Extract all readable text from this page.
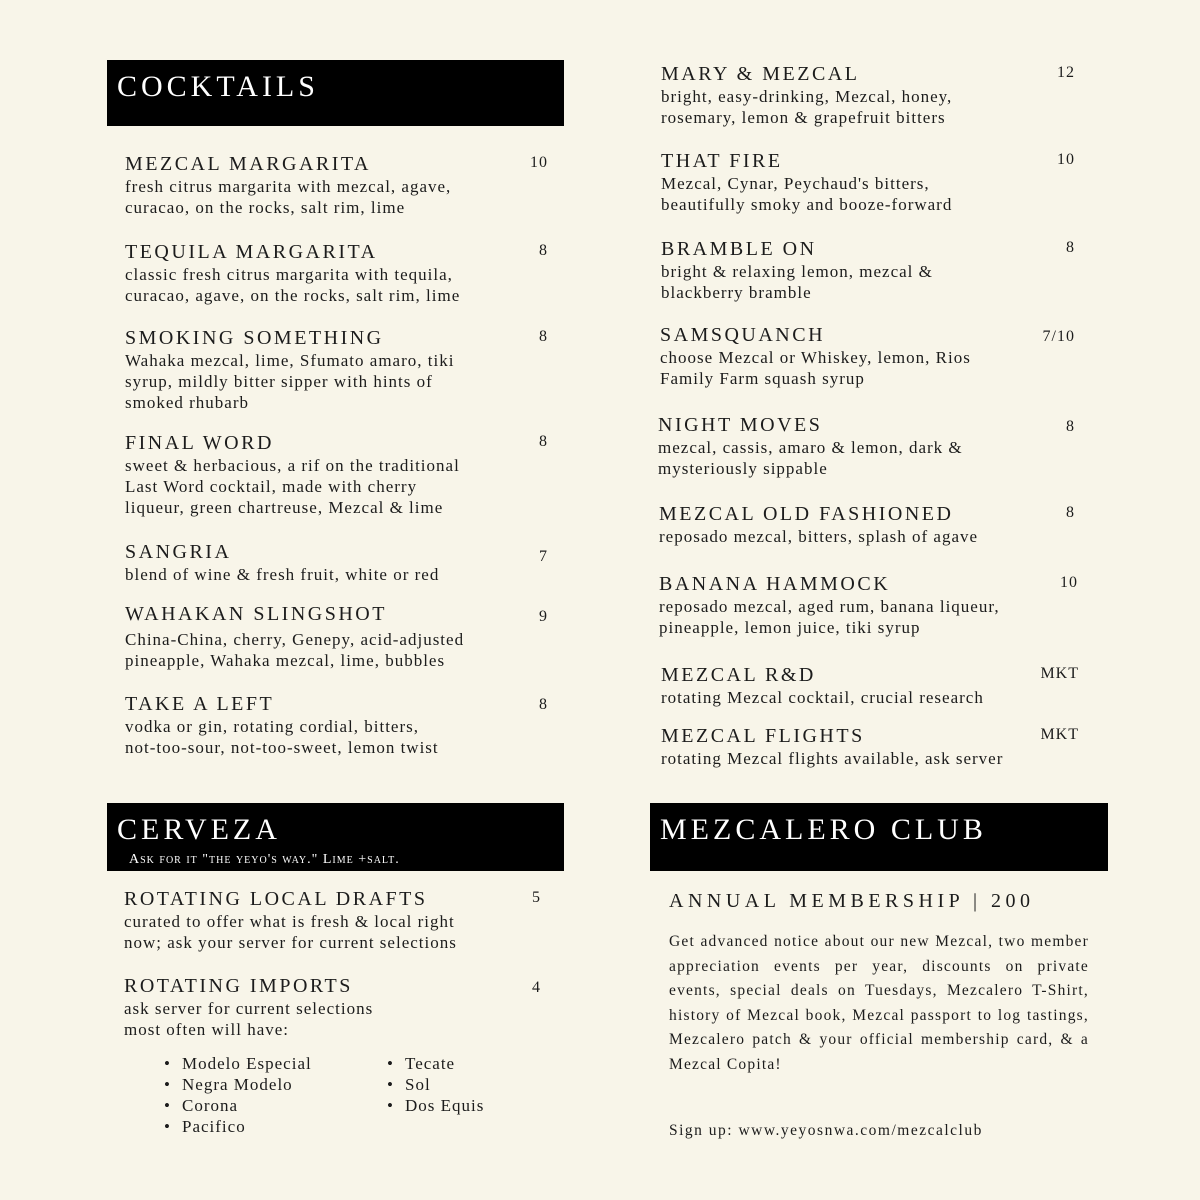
COCKTAILS
CERVEZA
Ask for it "the yeyo's way." Lime +salt.
MEZCALERO CLUB
MEZCAL MARGARITA	10
fresh citrus margarita with mezcal, agave,
curacao, on the rocks, salt rim, lime
TEQUILA MARGARITA	8
classic fresh citrus margarita with tequila,
curacao, agave, on the rocks, salt rim, lime
SMOKING SOMETHING	8
Wahaka mezcal, lime, Sfumato amaro, tiki
syrup, mildly bitter sipper with hints of
smoked rhubarb
FINAL WORD	8
sweet & herbacious, a rif on the traditional
Last Word cocktail, made with cherry
liqueur, green chartreuse, Mezcal & lime
SANGRIA	7
blend of wine & fresh fruit, white or red
WAHAKAN SLINGSHOT	9
China-China, cherry, Genepy, acid-adjusted
pineapple, Wahaka mezcal, lime, bubbles
TAKE A LEFT	8
vodka or gin, rotating cordial, bitters,
not-too-sour, not-too-sweet, lemon twist
MARY & MEZCAL	12
bright, easy-drinking, Mezcal, honey,
rosemary, lemon & grapefruit bitters
THAT FIRE	10
Mezcal, Cynar, Peychaud's bitters,
beautifully smoky and booze-forward
BRAMBLE ON	8
bright & relaxing lemon, mezcal &
blackberry bramble
SAMSQUANCH	7/10
choose Mezcal or Whiskey, lemon, Rios
Family Farm squash syrup
NIGHT MOVES	8
mezcal, cassis, amaro & lemon, dark &
mysteriously sippable
MEZCAL OLD FASHIONED	8
reposado mezcal, bitters, splash of agave
BANANA HAMMOCK	10
reposado mezcal, aged rum, banana liqueur,
pineapple, lemon juice, tiki syrup
MEZCAL R&D	MKT
rotating Mezcal cocktail, crucial research
MEZCAL FLIGHTS	MKT
rotating Mezcal flights available, ask server
ROTATING LOCAL DRAFTS	5
curated to offer what is fresh & local right
now; ask your server for current selections
ROTATING IMPORTS	4
ask server for current selections
most often will have:
• Modelo Especial
• Negra Modelo
• Corona
• Pacifico
• Tecate
• Sol
• Dos Equis
ANNUAL MEMBERSHIP | 200

Get advanced notice about our new Mezcal, two member appreciation events per year, discounts on private events, special deals on Tuesdays, Mezcalero T-Shirt, history of Mezcal book, Mezcal passport to log tastings, Mezcalero patch & your official membership card, & a Mezcal Copita!

Sign up: www.yeyosnwa.com/mezcalclub
